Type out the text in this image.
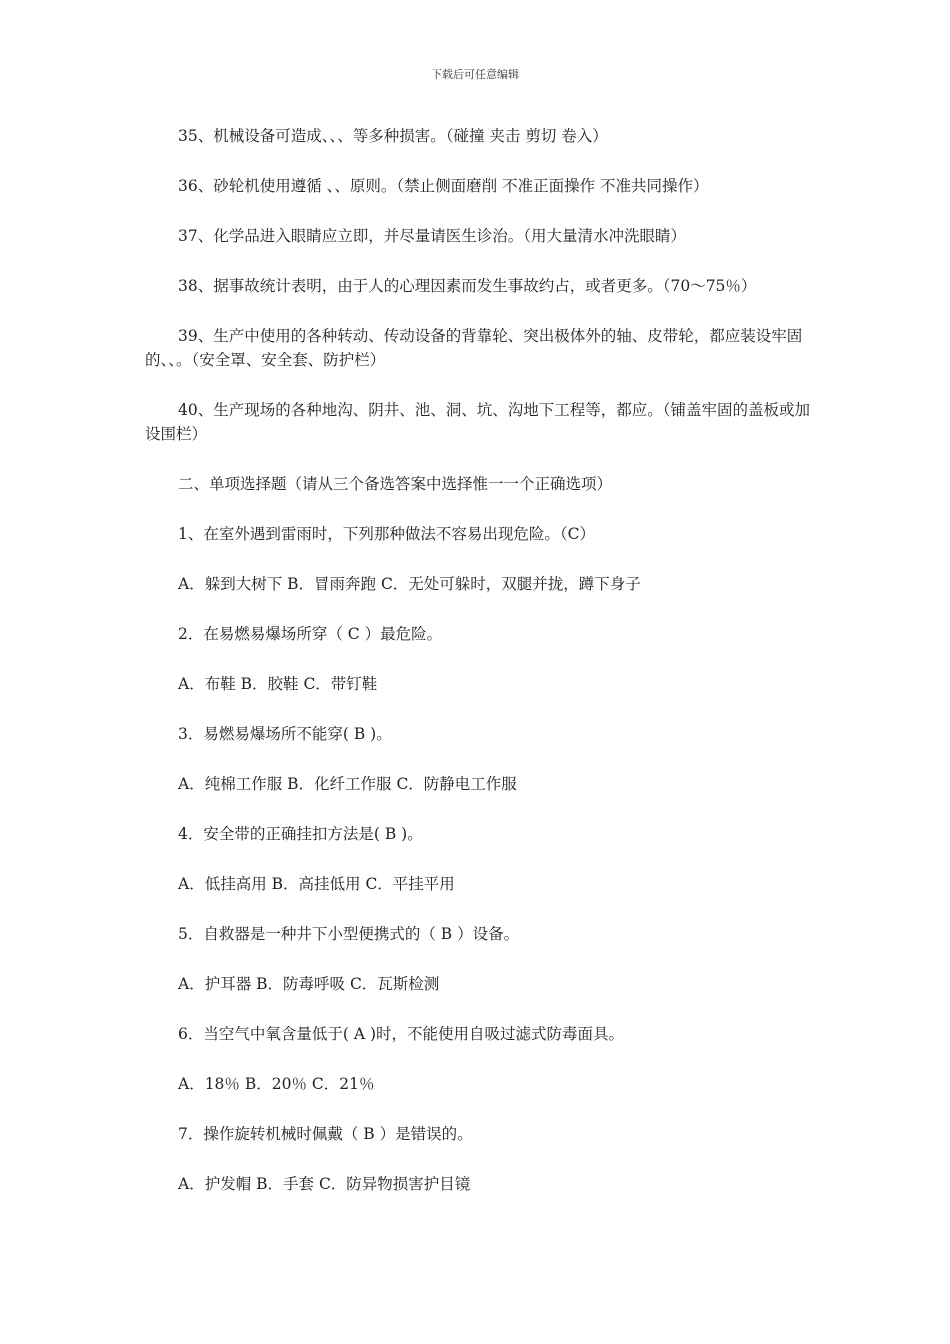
下载后可任意编辑

35、机械设备可造成、、、等多种损害。（碰撞 夹击 剪切 卷入）

36、砂轮机使用遵循 、、原则。（禁止侧面磨削 不准正面操作 不准共同操作）

37、化学品进入眼睛应立即，并尽量请医生诊治。（用大量清水冲洗眼睛）

38、据事故统计表明，由于人的心理因素而发生事故约占，或者更多。（70～75％）

39、生产中使用的各种转动、传动设备的背靠轮、突出极体外的轴、皮带轮，都应装设牢固的、、。（安全罩、安全套、防护栏）

40、生产现场的各种地沟、阴井、池、洞、坑、沟地下工程等，都应。（铺盖牢固的盖板或加设围栏）

二、单项选择题（请从三个备选答案中选择惟一一个正确选项）

1、在室外遇到雷雨时，下列那种做法不容易出现危险。（C）

A．躲到大树下 B．冒雨奔跑 C．无处可躲时，双腿并拢，蹲下身子

2．在易燃易爆场所穿（ C ）最危险。

A．布鞋 B．胶鞋 C．带钉鞋

3．易燃易爆场所不能穿( B )。

A．纯棉工作服 B．化纤工作服 C．防静电工作服

4．安全带的正确挂扣方法是( B )。

A．低挂高用 B．高挂低用 C．平挂平用

5．自救器是一种井下小型便携式的（ B ）设备。

A．护耳器 B．防毒呼吸 C．瓦斯检测

6．当空气中氧含量低于( A )时，不能使用自吸过滤式防毒面具。

A．18％ B．20％ C．21％

7．操作旋转机械时佩戴（ B ）是错误的。

A．护发帽 B．手套 C．防异物损害护目镜
